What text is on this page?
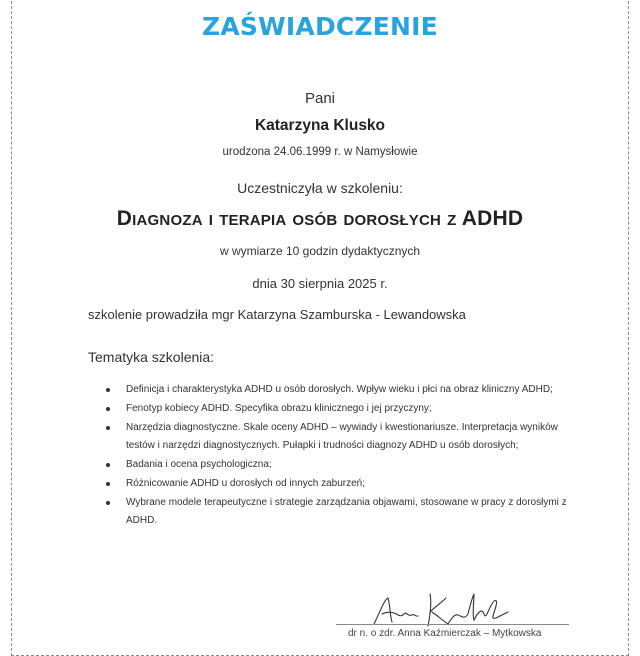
ZAŚWIADCZENIE
Pani
Katarzyna Klusko
urodzona 24.06.1999 r. w Namysłowie
Uczestniczyła w szkoleniu:
Diagnoza i terapia osób dorosłych z ADHD
w wymiarze 10 godzin dydaktycznych
dnia 30 sierpnia 2025 r.
szkolenie prowadziła mgr Katarzyna Szamburska - Lewandowska
Tematyka szkolenia:
Definicja i charakterystyka ADHD u osób dorosłych. Wpływ wieku i płci na obraz kliniczny ADHD;
Fenotyp kobiecy ADHD. Specyfika obrazu klinicznego i jej przyczyny;
Narzędzia diagnostyczne. Skale oceny ADHD – wywiady i kwestionariusze. Interpretacja wyników testów i narzędzi diagnostycznych. Pułapki i trudności diagnozy ADHD u osób dorosłych;
Badania i ocena psychologiczna;
Różnicowanie ADHD u dorosłych od innych zaburzeń;
Wybrane modele terapeutyczne i strategie zarządzania objawami, stosowane w pracy z dorosłymi z ADHD.
dr n. o zdr. Anna Kaźmierczak – Mytkowska
